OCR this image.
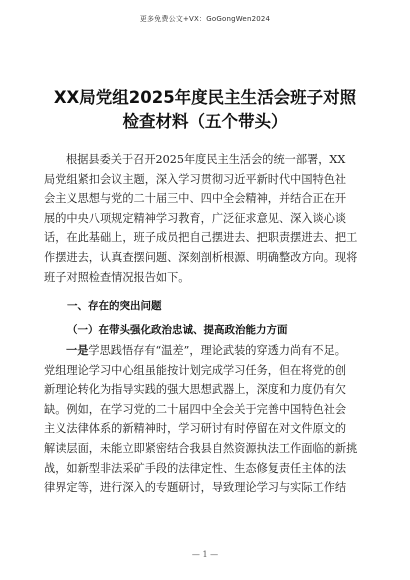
更多免费公文+VX：GoGongWen2024
XX局党组2025年度民主生活会班子对照
检查材料（五个带头）
根据县委关于召开2025年度民主生活会的统一部署，XX
局党组紧扣会议主题，深入学习贯彻习近平新时代中国特色社
会主义思想与党的二十届三中、四中全会精神，并结合正在开
展的中央八项规定精神学习教育，广泛征求意见、深入谈心谈
话，在此基础上，班子成员把自己摆进去、把职责摆进去、把工
作摆进去，认真查摆问题、深刻剖析根源、明确整改方向。现将
班子对照检查情况报告如下。
一、存在的突出问题
（一）在带头强化政治忠诚、提高政治能力方面
一是学思践悟存有“温差”，理论武装的穿透力尚有不足。
党组理论学习中心组虽能按计划完成学习任务，但在将党的创
新理论转化为指导实践的强大思想武器上，深度和力度仍有欠
缺。例如，在学习党的二十届四中全会关于完善中国特色社会
主义法律体系的新精神时，学习研讨有时停留在对文件原文的
解读层面，未能立即紧密结合我县自然资源执法工作面临的新挑
战，如新型非法采矿手段的法律定性、生态修复责任主体的法
律界定等，进行深入的专题研讨，导致理论学习与实际工作结
— 1 —
